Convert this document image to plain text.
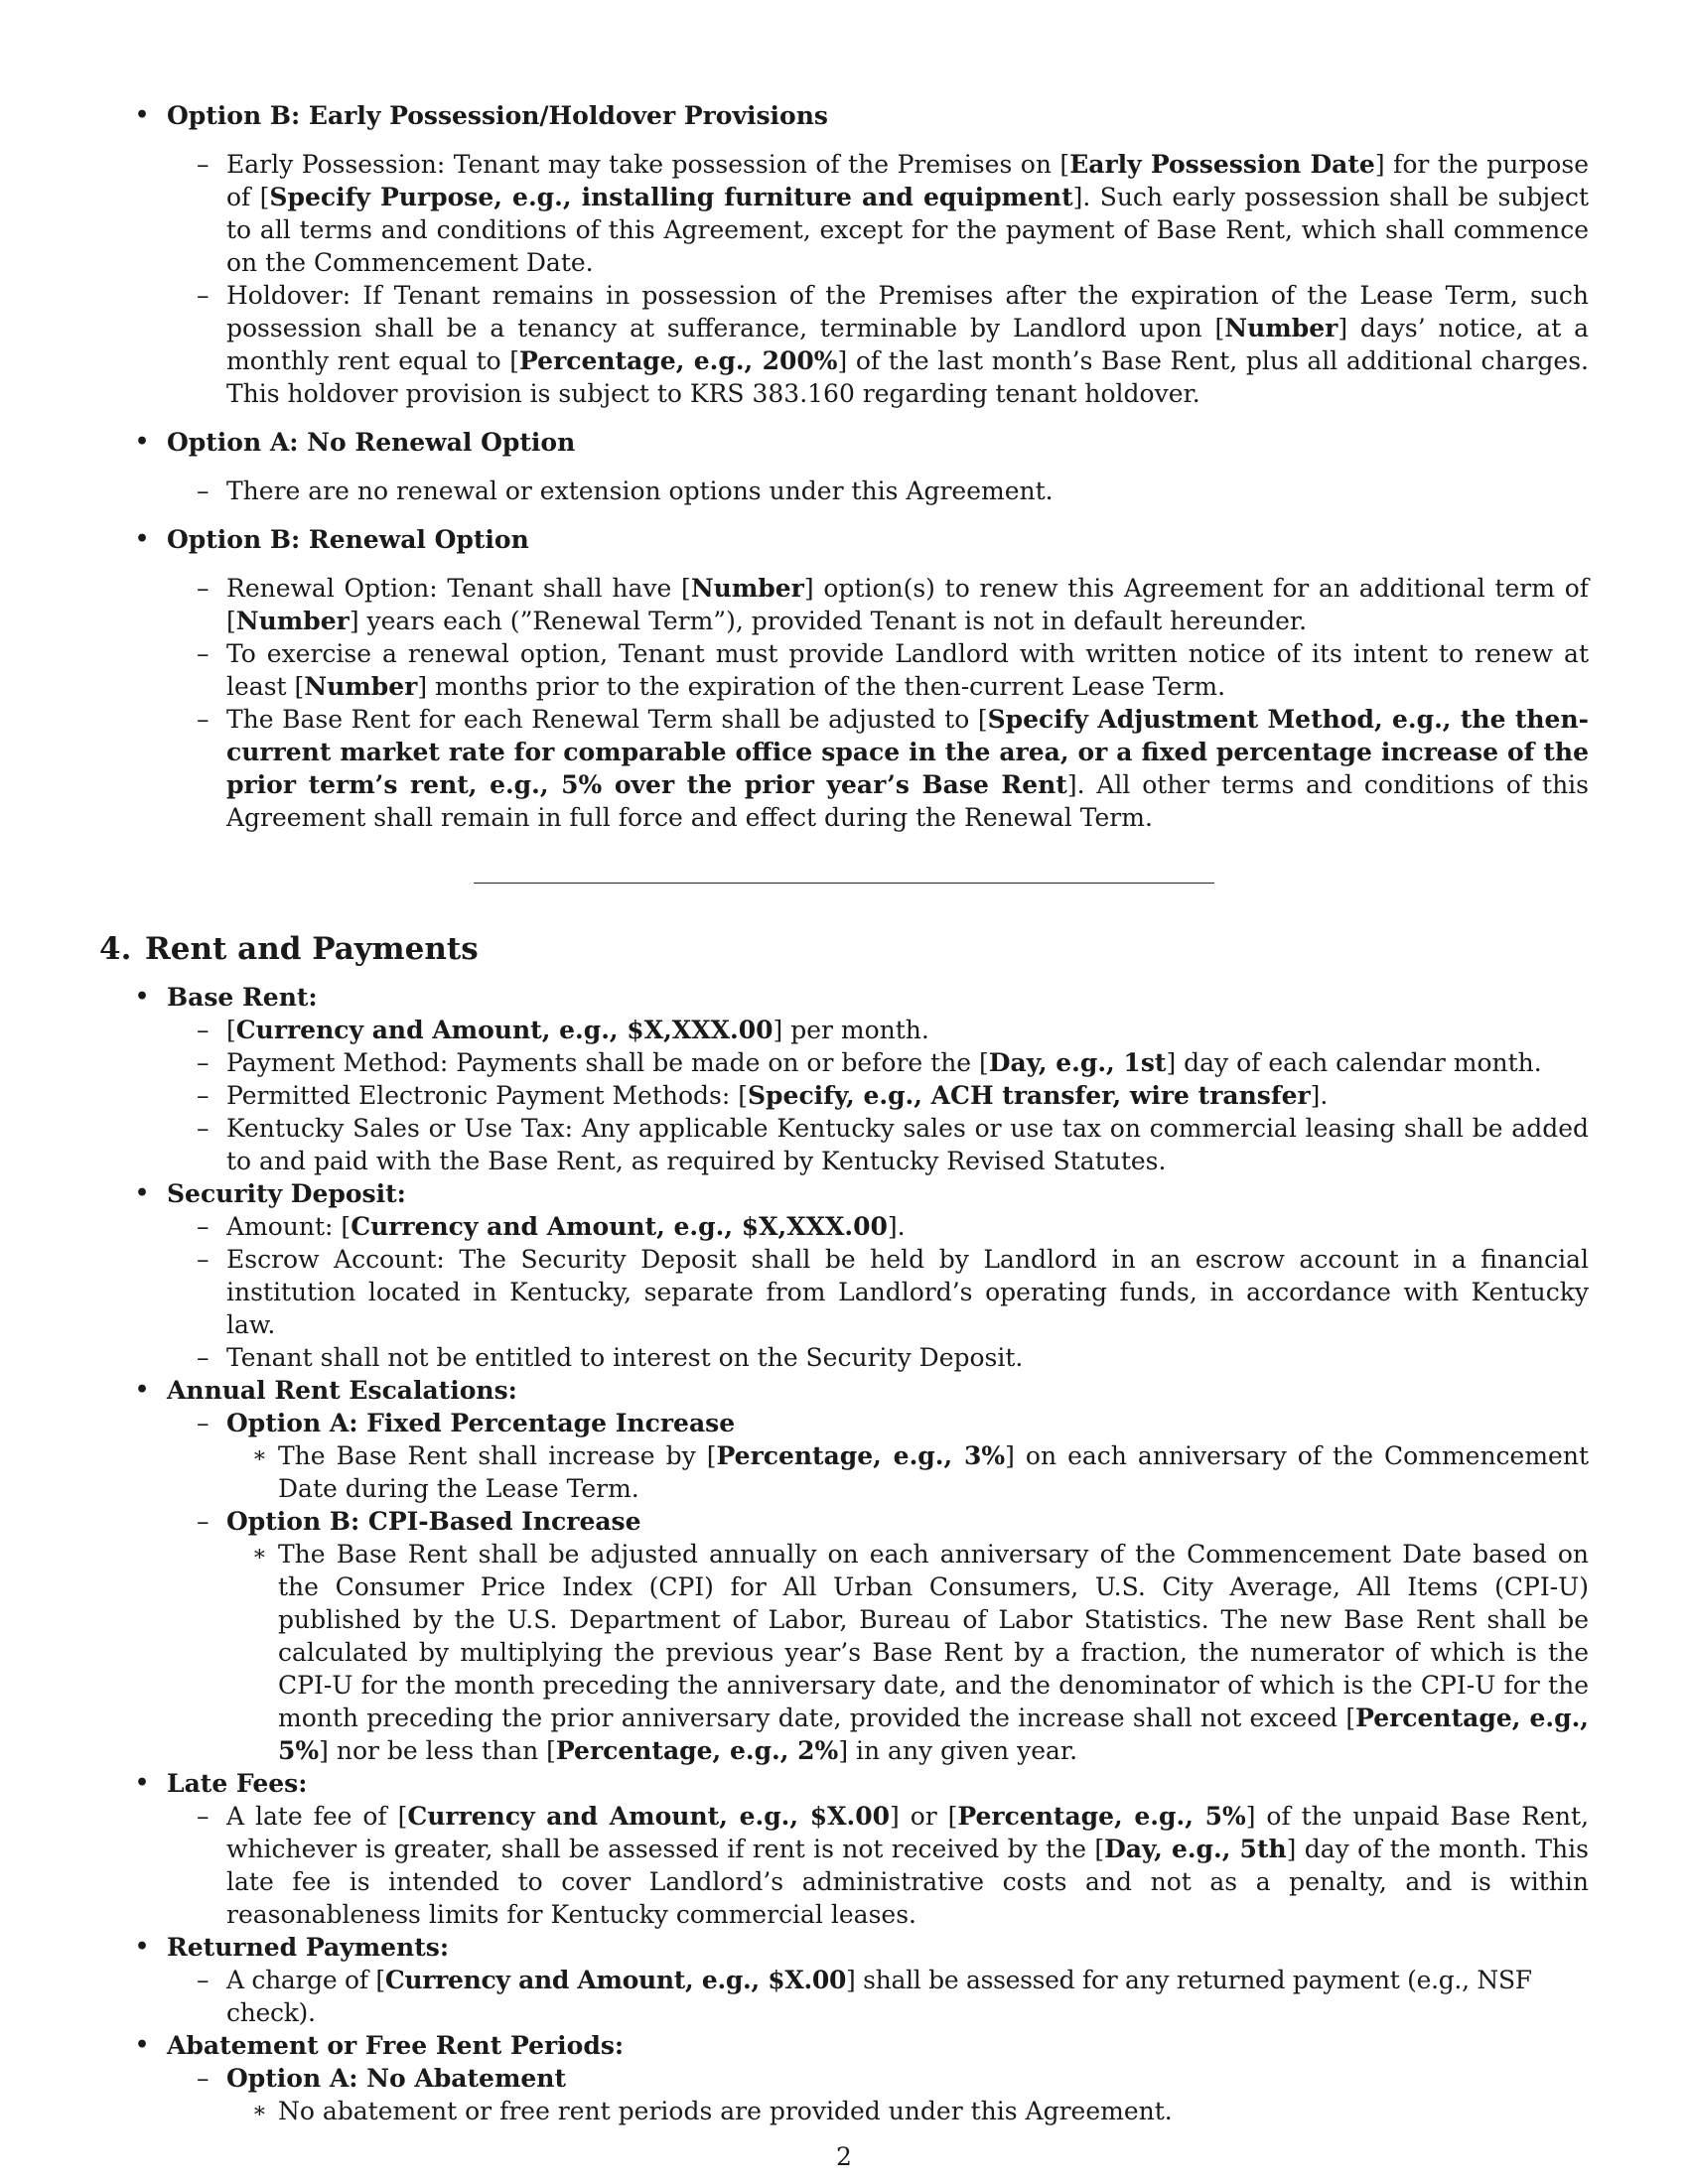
• Option B: Early Possession/Holdover Provisions

– Early Possession: Tenant may take possession of the Premises on [Early Possession Date] for the purpose of [Specify Purpose, e.g., installing furniture and equipment]. Such early possession shall be subject to all terms and conditions of this Agreement, except for the payment of Base Rent, which shall commence on the Commencement Date.
– Holdover: If Tenant remains in possession of the Premises after the expiration of the Lease Term, such possession shall be a tenancy at sufferance, terminable by Landlord upon [Number] days’ notice, at a monthly rent equal to [Percentage, e.g., 200%] of the last month’s Base Rent, plus all additional charges. This holdover provision is subject to KRS 383.160 regarding tenant holdover.

• Option A: No Renewal Option

– There are no renewal or extension options under this Agreement.

• Option B: Renewal Option

– Renewal Option: Tenant shall have [Number] option(s) to renew this Agreement for an additional term of [Number] years each (”Renewal Term”), provided Tenant is not in default hereunder.
– To exercise a renewal option, Tenant must provide Landlord with written notice of its intent to renew at least [Number] months prior to the expiration of the then-current Lease Term.
– The Base Rent for each Renewal Term shall be adjusted to [Specify Adjustment Method, e.g., the then-current market rate for comparable office space in the area, or a fixed percentage increase of the prior term’s rent, e.g., 5% over the prior year’s Base Rent]. All other terms and conditions of this Agreement shall remain in full force and effect during the Renewal Term.
4. Rent and Payments

• Base Rent:

– [Currency and Amount, e.g., $X,XXX.00] per month.
– Payment Method: Payments shall be made on or before the [Day, e.g., 1st] day of each calendar month.
– Permitted Electronic Payment Methods: [Specify, e.g., ACH transfer, wire transfer].
– Kentucky Sales or Use Tax: Any applicable Kentucky sales or use tax on commercial leasing shall be added to and paid with the Base Rent, as required by Kentucky Revised Statutes.

• Security Deposit:

– Amount: [Currency and Amount, e.g., $X,XXX.00].
– Escrow Account: The Security Deposit shall be held by Landlord in an escrow account in a financial institution located in Kentucky, separate from Landlord’s operating funds, in accordance with Kentucky law.
– Tenant shall not be entitled to interest on the Security Deposit.

• Annual Rent Escalations:

– Option A: Fixed Percentage Increase

∗ The Base Rent shall increase by [Percentage, e.g., 3%] on each anniversary of the Commencement Date during the Lease Term.

– Option B: CPI-Based Increase

∗ The Base Rent shall be adjusted annually on each anniversary of the Commencement Date based on the Consumer Price Index (CPI) for All Urban Consumers, U.S. City Average, All Items (CPI-U) published by the U.S. Department of Labor, Bureau of Labor Statistics. The new Base Rent shall be calculated by multiplying the previous year’s Base Rent by a fraction, the numerator of which is the CPI-U for the month preceding the anniversary date, and the denominator of which is the CPI-U for the month preceding the prior anniversary date, provided the increase shall not exceed [Percentage, e.g., 5%] nor be less than [Percentage, e.g., 2%] in any given year.

• Late Fees:

– A late fee of [Currency and Amount, e.g., $X.00] or [Percentage, e.g., 5%] of the unpaid Base Rent, whichever is greater, shall be assessed if rent is not received by the [Day, e.g., 5th] day of the month. This late fee is intended to cover Landlord’s administrative costs and not as a penalty, and is within reasonableness limits for Kentucky commercial leases.

• Returned Payments:

– A charge of [Currency and Amount, e.g., $X.00] shall be assessed for any returned payment (e.g., NSF check).

• Abatement or Free Rent Periods:

– Option A: No Abatement

∗ No abatement or free rent periods are provided under this Agreement.
2
